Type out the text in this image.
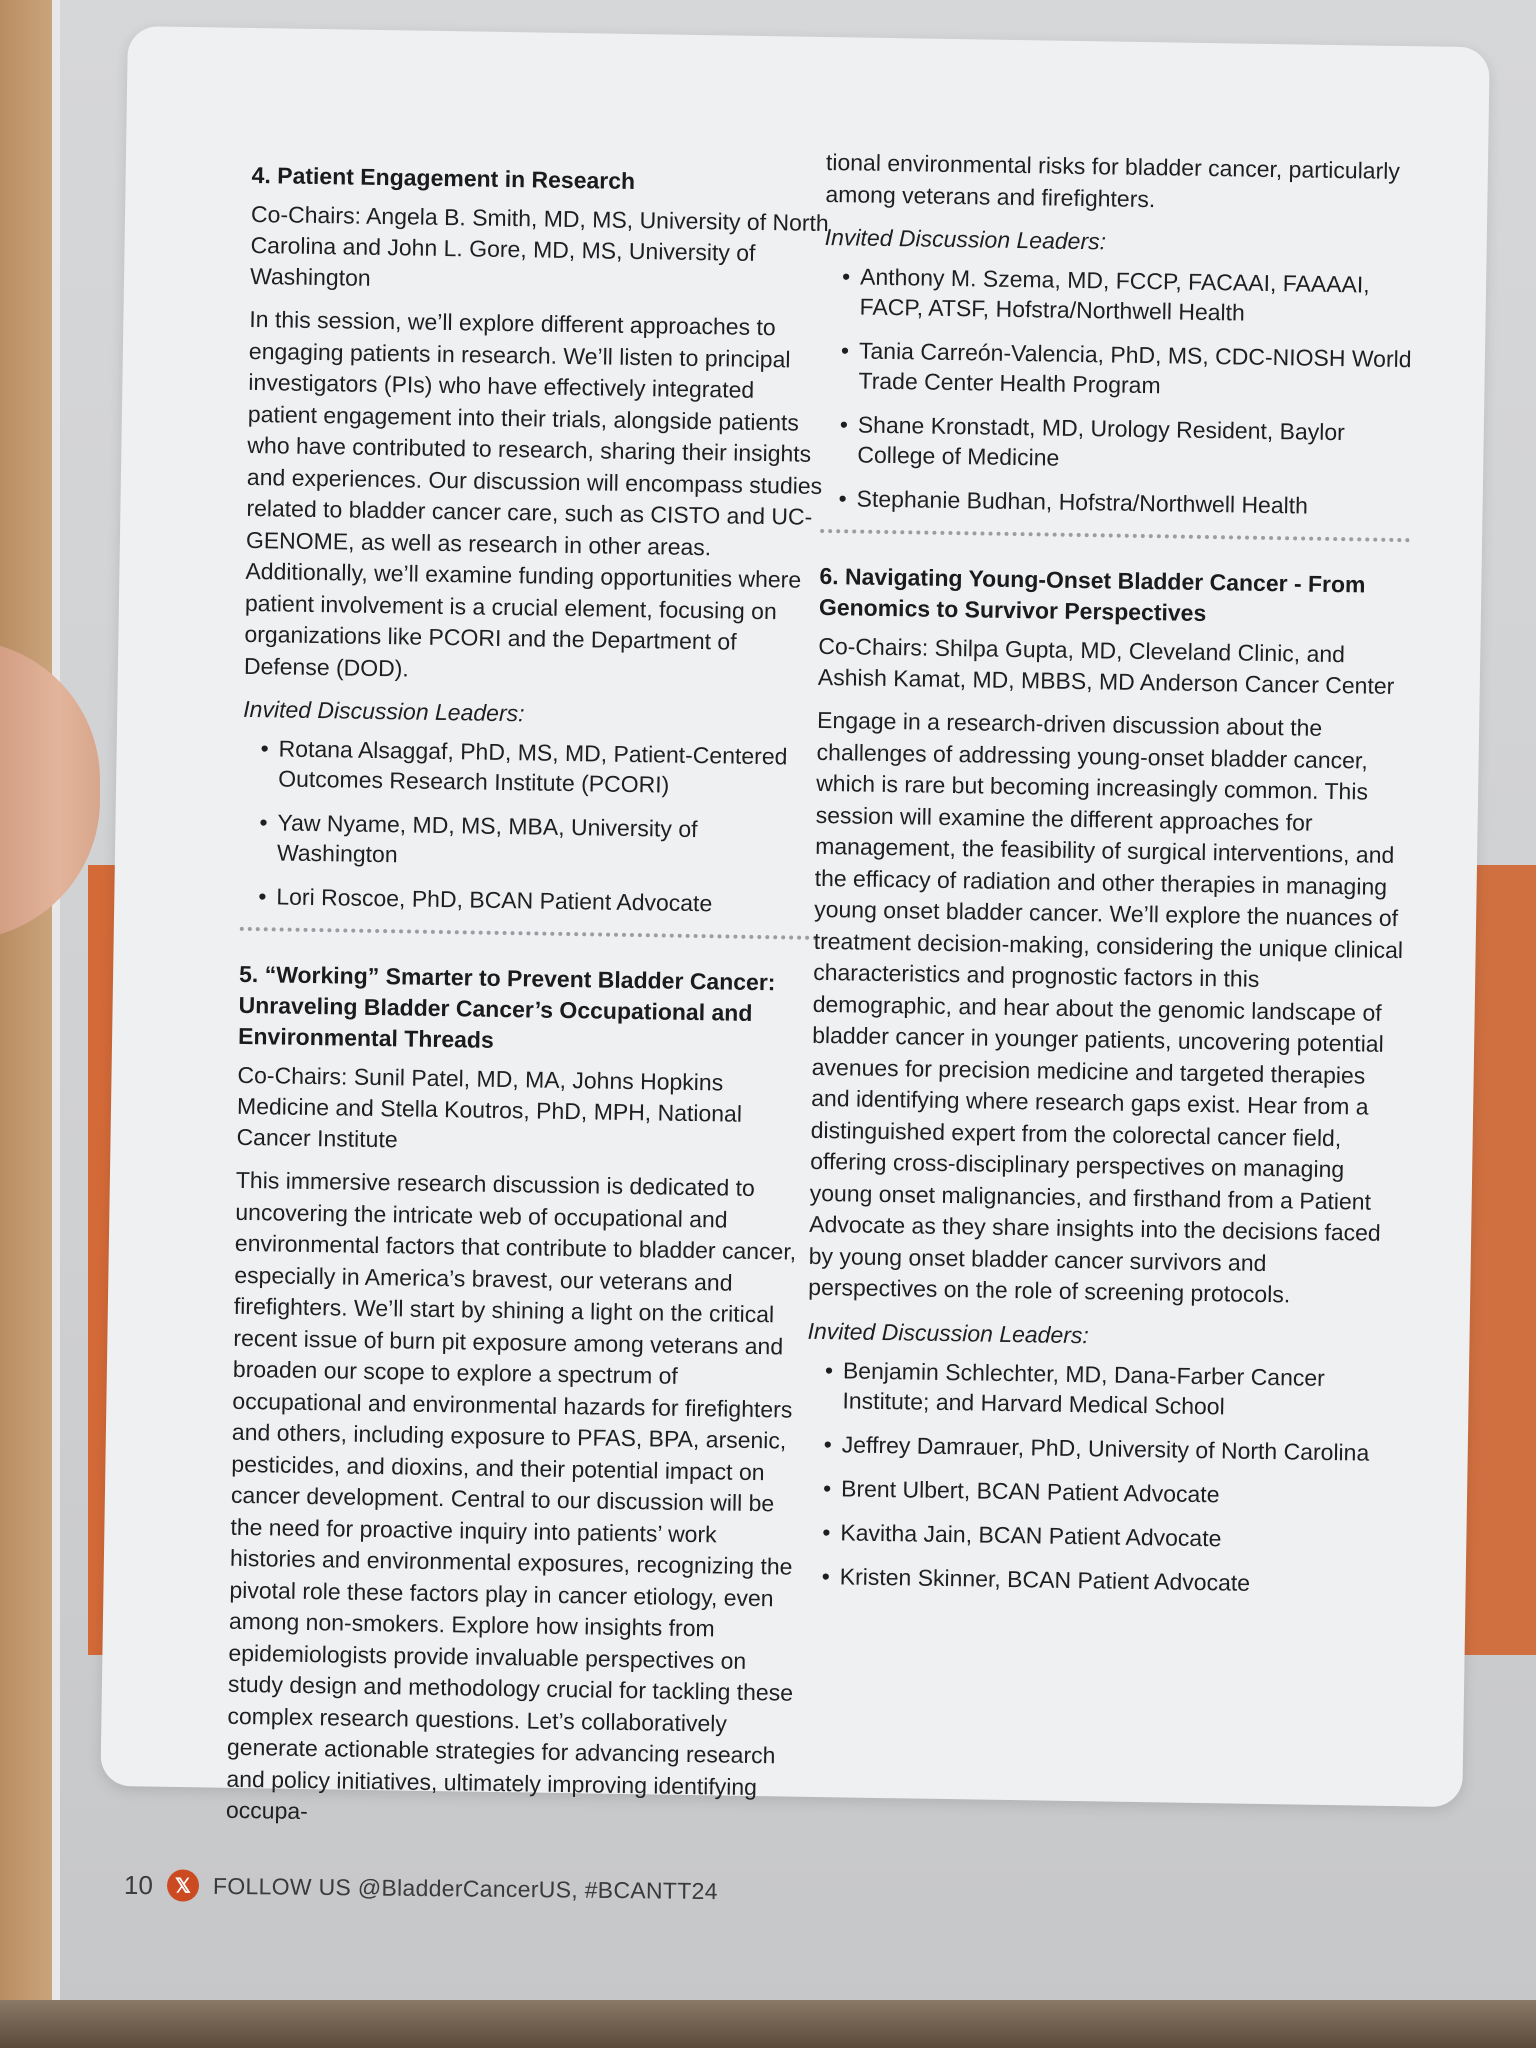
4. Patient Engagement in Research
Co-Chairs: Angela B. Smith, MD, MS, University of North Carolina and John L. Gore, MD, MS, University of Washington
In this session, we’ll explore different approaches to engaging patients in research. We’ll listen to principal investigators (PIs) who have effectively integrated patient engagement into their trials, alongside patients who have contributed to research, sharing their insights and experiences. Our discussion will encompass studies related to bladder cancer care, such as CISTO and UC-GENOME, as well as research in other areas. Additionally, we’ll examine funding opportunities where patient involvement is a crucial element, focusing on organizations like PCORI and the Department of Defense (DOD).
Invited Discussion Leaders:
• Rotana Alsaggaf, PhD, MS, MD, Patient-Centered Outcomes Research Institute (PCORI)
• Yaw Nyame, MD, MS, MBA, University of Washington
• Lori Roscoe, PhD, BCAN Patient Advocate
5. “Working” Smarter to Prevent Bladder Cancer: Unraveling Bladder Cancer’s Occupational and Environmental Threads
Co-Chairs: Sunil Patel, MD, MA, Johns Hopkins Medicine and Stella Koutros, PhD, MPH, National Cancer Institute
This immersive research discussion is dedicated to uncovering the intricate web of occupational and environmental factors that contribute to bladder cancer, especially in America’s bravest, our veterans and firefighters. We’ll start by shining a light on the critical recent issue of burn pit exposure among veterans and broaden our scope to explore a spectrum of occupational and environmental hazards for firefighters and others, including exposure to PFAS, BPA, arsenic, pesticides, and dioxins, and their potential impact on cancer development. Central to our discussion will be the need for proactive inquiry into patients’ work histories and environmental exposures, recognizing the pivotal role these factors play in cancer etiology, even among non-smokers. Explore how insights from epidemiologists provide invaluable perspectives on study design and methodology crucial for tackling these complex research questions. Let’s collaboratively generate actionable strategies for advancing research and policy initiatives, ultimately improving identifying occupa-
tional environmental risks for bladder cancer, particularly among veterans and firefighters.
Invited Discussion Leaders:
• Anthony M. Szema, MD, FCCP, FACAAI, FAAAAI, FACP, ATSF, Hofstra/Northwell Health
• Tania Carreón-Valencia, PhD, MS, CDC-NIOSH World Trade Center Health Program
• Shane Kronstadt, MD, Urology Resident, Baylor College of Medicine
• Stephanie Budhan, Hofstra/Northwell Health
6. Navigating Young-Onset Bladder Cancer - From Genomics to Survivor Perspectives
Co-Chairs: Shilpa Gupta, MD, Cleveland Clinic, and Ashish Kamat, MD, MBBS, MD Anderson Cancer Center
Engage in a research-driven discussion about the challenges of addressing young-onset bladder cancer, which is rare but becoming increasingly common. This session will examine the different approaches for management, the feasibility of surgical interventions, and the efficacy of radiation and other therapies in managing young onset bladder cancer. We’ll explore the nuances of treatment decision-making, considering the unique clinical characteristics and prognostic factors in this demographic, and hear about the genomic landscape of bladder cancer in younger patients, uncovering potential avenues for precision medicine and targeted therapies and identifying where research gaps exist. Hear from a distinguished expert from the colorectal cancer field, offering cross-disciplinary perspectives on managing young onset malignancies, and firsthand from a Patient Advocate as they share insights into the decisions faced by young onset bladder cancer survivors and perspectives on the role of screening protocols.
Invited Discussion Leaders:
• Benjamin Schlechter, MD, Dana-Farber Cancer Institute; and Harvard Medical School
• Jeffrey Damrauer, PhD, University of North Carolina
• Brent Ulbert, BCAN Patient Advocate
• Kavitha Jain, BCAN Patient Advocate
• Kristen Skinner, BCAN Patient Advocate
10	𝕏 FOLLOW US @BladderCancerUS, #BCANTT24
